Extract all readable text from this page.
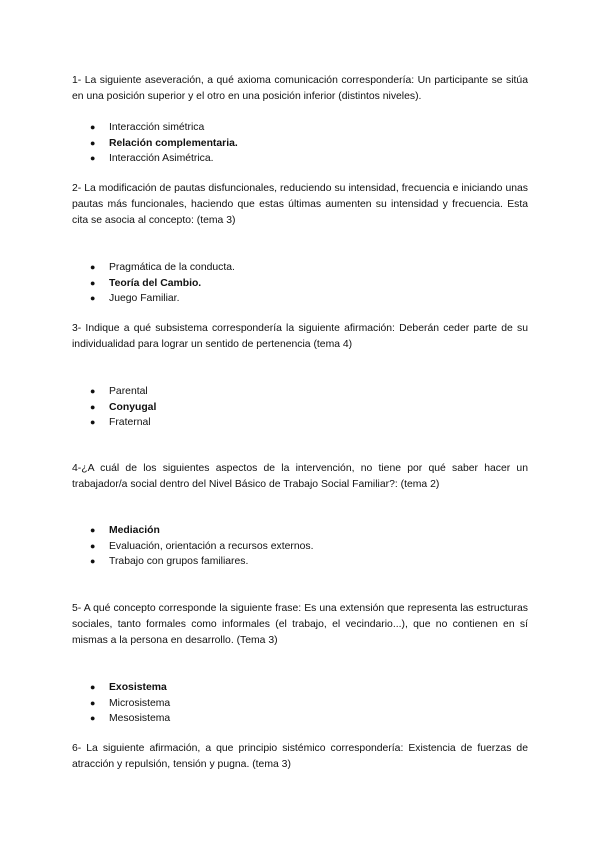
1- La siguiente aseveración, a qué axioma comunicación correspondería: Un participante se sitúa en una posición superior y el otro en una posición inferior (distintos niveles).
● Interacción simétrica
● Relación complementaria.
● Interacción Asimétrica.
2- La modificación de pautas disfuncionales, reduciendo su intensidad, frecuencia e iniciando unas pautas más funcionales, haciendo que estas últimas aumenten su intensidad y frecuencia. Esta cita se asocia al concepto: (tema 3)
● Pragmática de la conducta.
● Teoría del Cambio.
● Juego Familiar.
3- Indique a qué subsistema correspondería la siguiente afirmación: Deberán ceder parte de su individualidad para lograr un sentido de pertenencia (tema 4)
● Parental
● Conyugal
● Fraternal
4-¿A cuál de los siguientes aspectos de la intervención, no tiene por qué saber hacer un trabajador/a social dentro del Nivel Básico de Trabajo Social Familiar?: (tema 2)
● Mediación
● Evaluación, orientación a recursos externos.
● Trabajo con grupos familiares.
5- A qué concepto corresponde la siguiente frase: Es una extensión que representa las estructuras sociales, tanto formales como informales (el trabajo, el vecindario...), que no contienen en sí mismas a la persona en desarrollo. (Tema 3)
● Exosistema
● Microsistema
● Mesosistema
6- La siguiente afirmación, a que principio sistémico correspondería: Existencia de fuerzas de atracción y repulsión, tensión y pugna. (tema 3)
